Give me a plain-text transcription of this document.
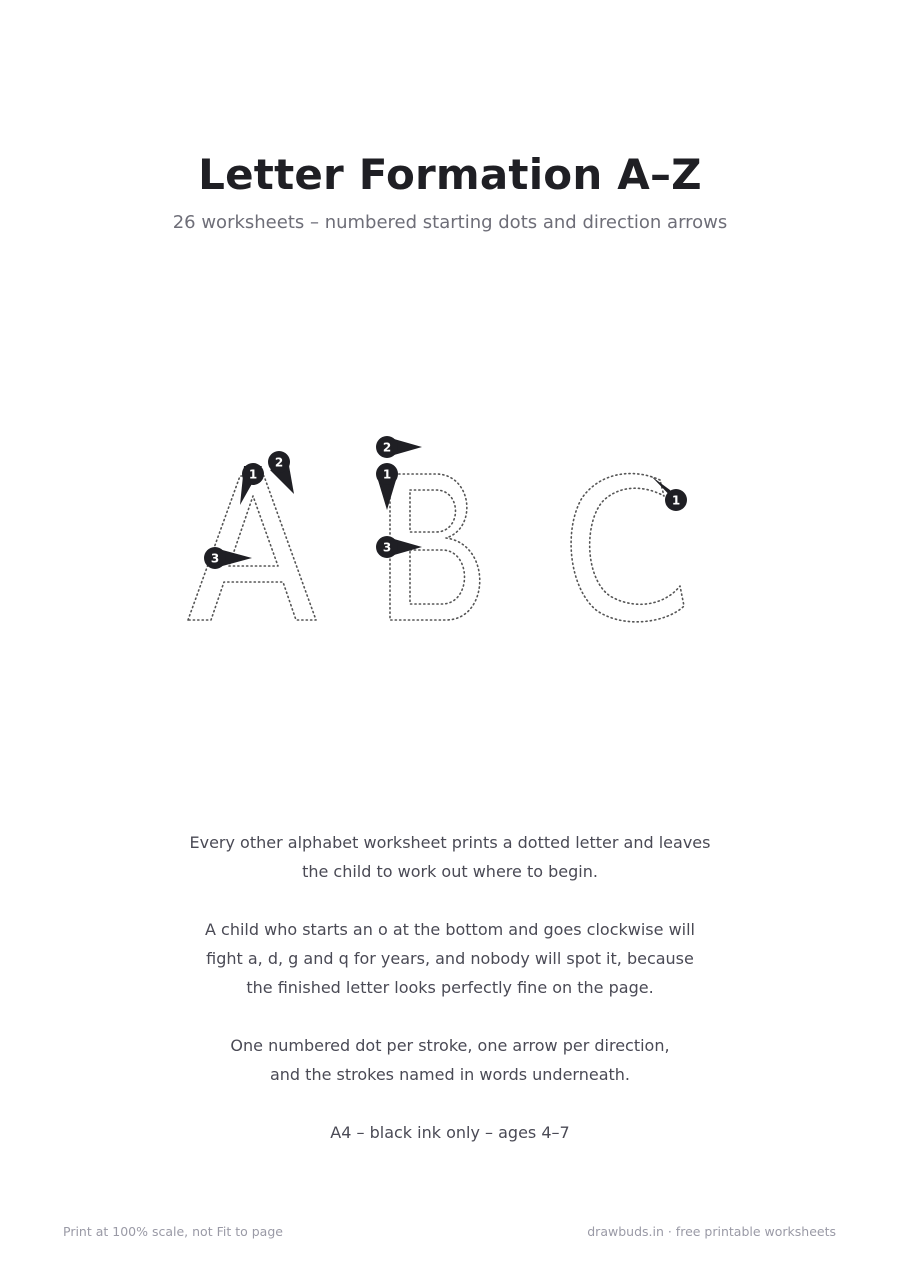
Letter Formation A–Z
26 worksheets – numbered starting dots and direction arrows
1
2
3
1
2
3
1

Every other alphabet worksheet prints a dotted letter and leaves
the child to work out where to begin.

A child who starts an o at the bottom and goes clockwise will
fight a, d, g and q for years, and nobody will spot it, because
the finished letter looks perfectly fine on the page.

One numbered dot per stroke, one arrow per direction,
and the strokes named in words underneath.

A4 – black ink only – ages 4–7

Print at 100% scale, not Fit to page	drawbuds.in · free printable worksheets
